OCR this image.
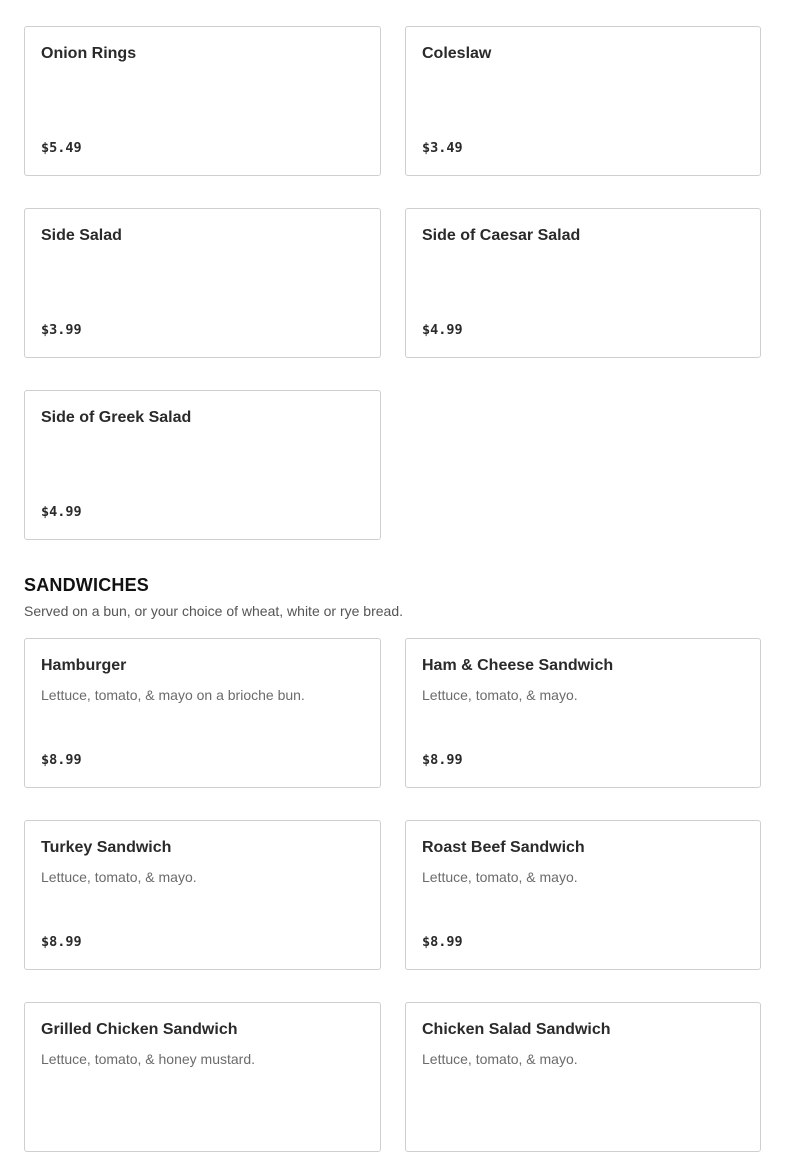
Onion Rings
$5.49
Coleslaw
$3.49
Side Salad
$3.99
Side of Caesar Salad
$4.99
Side of Greek Salad
$4.99
SANDWICHES
Served on a bun, or your choice of wheat, white or rye bread.
Hamburger
Lettuce, tomato, & mayo on a brioche bun.
$8.99
Ham & Cheese Sandwich
Lettuce, tomato, & mayo.
$8.99
Turkey Sandwich
Lettuce, tomato, & mayo.
$8.99
Roast Beef Sandwich
Lettuce, tomato, & mayo.
$8.99
Grilled Chicken Sandwich
Lettuce, tomato, & honey mustard.
Chicken Salad Sandwich
Lettuce, tomato, & mayo.
